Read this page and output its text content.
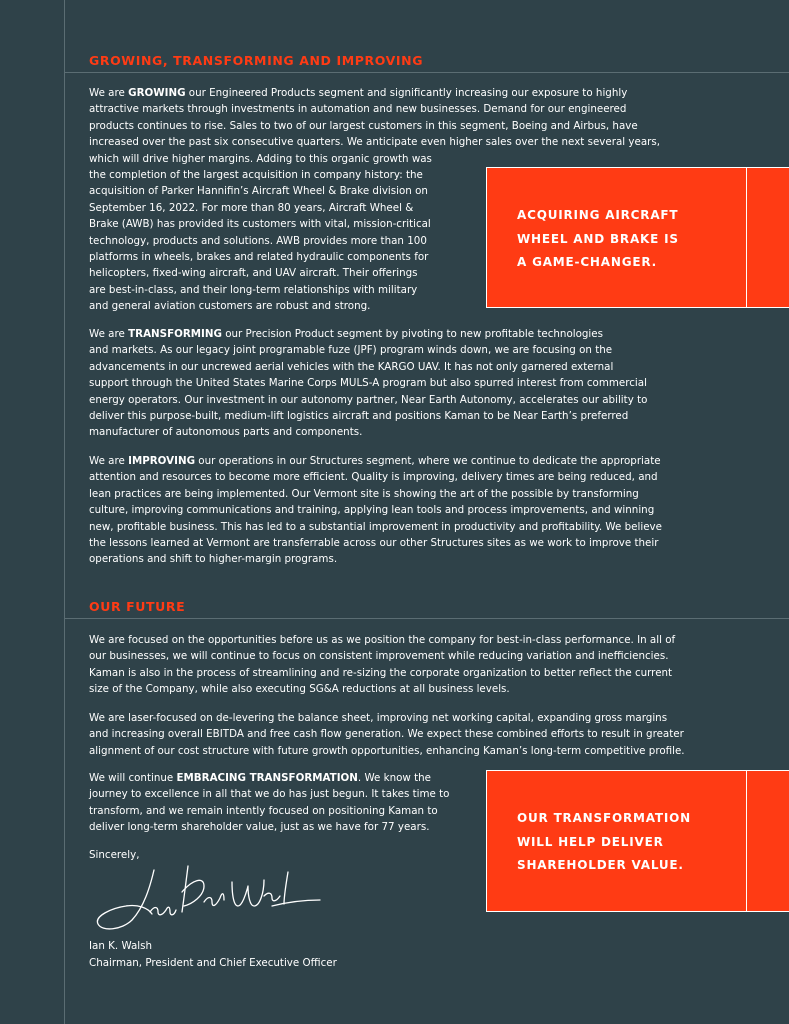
GROWING, TRANSFORMING AND IMPROVING
We are GROWING our Engineered Products segment and significantly increasing our exposure to highly
attractive markets through investments in automation and new businesses. Demand for our engineered
products continues to rise. Sales to two of our largest customers in this segment, Boeing and Airbus, have
increased over the past six consecutive quarters. We anticipate even higher sales over the next several years,
which will drive higher margins. Adding to this organic growth was
the completion of the largest acquisition in company history: the
acquisition of Parker Hannifin’s Aircraft Wheel & Brake division on
September 16, 2022. For more than 80 years, Aircraft Wheel &
Brake (AWB) has provided its customers with vital, mission-critical
technology, products and solutions. AWB provides more than 100
platforms in wheels, brakes and related hydraulic components for
helicopters, fixed-wing aircraft, and UAV aircraft. Their offerings
are best-in-class, and their long-term relationships with military
and general aviation customers are robust and strong.
ACQUIRING AIRCRAFT
WHEEL AND BRAKE IS
A GAME-CHANGER.
We are TRANSFORMING our Precision Product segment by pivoting to new profitable technologies
and markets. As our legacy joint programable fuze (JPF) program winds down, we are focusing on the
advancements in our uncrewed aerial vehicles with the KARGO UAV. It has not only garnered external
support through the United States Marine Corps MULS-A program but also spurred interest from commercial
energy operators. Our investment in our autonomy partner, Near Earth Autonomy, accelerates our ability to
deliver this purpose-built, medium-lift logistics aircraft and positions Kaman to be Near Earth’s preferred
manufacturer of autonomous parts and components.
We are IMPROVING our operations in our Structures segment, where we continue to dedicate the appropriate
attention and resources to become more efficient. Quality is improving, delivery times are being reduced, and
lean practices are being implemented. Our Vermont site is showing the art of the possible by transforming
culture, improving communications and training, applying lean tools and process improvements, and winning
new, profitable business. This has led to a substantial improvement in productivity and profitability. We believe
the lessons learned at Vermont are transferrable across our other Structures sites as we work to improve their
operations and shift to higher-margin programs.
OUR FUTURE
We are focused on the opportunities before us as we position the company for best-in-class performance. In all of
our businesses, we will continue to focus on consistent improvement while reducing variation and inefficiencies.
Kaman is also in the process of streamlining and re-sizing the corporate organization to better reflect the current
size of the Company, while also executing SG&A reductions at all business levels.
We are laser-focused on de-levering the balance sheet, improving net working capital, expanding gross margins
and increasing overall EBITDA and free cash flow generation. We expect these combined efforts to result in greater
alignment of our cost structure with future growth opportunities, enhancing Kaman’s long-term competitive profile.
We will continue EMBRACING TRANSFORMATION. We know the
journey to excellence in all that we do has just begun. It takes time to
transform, and we remain intently focused on positioning Kaman to
deliver long-term shareholder value, just as we have for 77 years.
OUR TRANSFORMATION
WILL HELP DELIVER
SHAREHOLDER VALUE.
Sincerely,
Ian K. Walsh
Chairman, President and Chief Executive Officer
